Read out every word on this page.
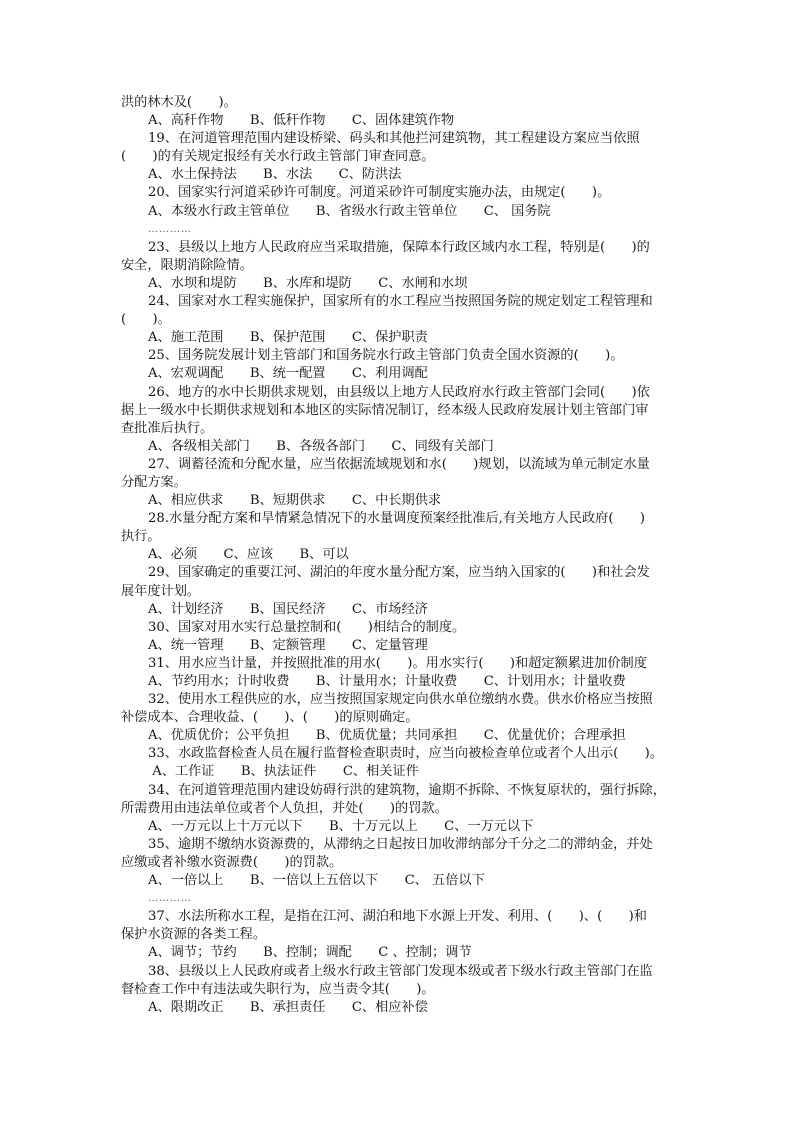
洪的林木及(　　)。
A、高秆作物　　B、低秆作物　　C、固体建筑作物
19、在河道管理范围内建设桥梁、码头和其他拦河建筑物，其工程建设方案应当依照
(　　)的有关规定报经有关水行政主管部门审查同意。
A、水土保持法　　B、水法　　C、防洪法
20、国家实行河道采砂许可制度。河道采砂许可制度实施办法，由规定(　　)。
A、本级水行政主管单位　　B、省级水行政主管单位　　C、 国务院
…………
23、县级以上地方人民政府应当采取措施，保障本行政区域内水工程，特别是(　　)的
安全，限期消除险情。
A、水坝和堤防　　B、水库和堤防　　C、水闸和水坝
24、国家对水工程实施保护，国家所有的水工程应当按照国务院的规定划定工程管理和
(　　)。
A、施工范围　　B、保护范围　　C、保护职责
25、国务院发展计划主管部门和国务院水行政主管部门负责全国水资源的(　　)。
A、宏观调配　　B、统一配置　　C、利用调配
26、地方的水中长期供求规划，由县级以上地方人民政府水行政主管部门会同(　　)依
据上一级水中长期供求规划和本地区的实际情况制订，经本级人民政府发展计划主管部门审
查批准后执行。
A、各级相关部门　　B、各级各部门　　C、同级有关部门
27、调蓄径流和分配水量，应当依据流域规划和水(　　)规划，以流域为单元制定水量
分配方案。
A、相应供求　　B、短期供求　　C、中长期供求
28.水量分配方案和旱情紧急情况下的水量调度预案经批准后,有关地方人民政府(　　)
执行。
A、必须　　C、应该　　B、可以
29、国家确定的重要江河、湖泊的年度水量分配方案，应当纳入国家的(　　)和社会发
展年度计划。
A、计划经济　　B、国民经济　　C、市场经济
30、国家对用水实行总量控制和(　　)相结合的制度。
A、统一管理　　B、定额管理　　C、定量管理
31、用水应当计量，并按照批准的用水(　　)。用水实行(　　)和超定额累进加价制度
A、节约用水；计时收费　　B、计量用水；计量收费　　C、计划用水；计量收费
32、使用水工程供应的水，应当按照国家规定向供水单位缴纳水费。供水价格应当按照
补偿成本、合理收益、(　　)、(　　)的原则确定。
A、优质优价；公平负担　　B、优质优量；共同承担　　C、优量优价；合理承担
33、水政监督检查人员在履行监督检查职责时，应当向被检查单位或者个人出示(　　)。
A、工作证　　B、执法证件　　C、相关证件
34、在河道管理范围内建设妨碍行洪的建筑物，逾期不拆除、不恢复原状的，强行拆除，
所需费用由违法单位或者个人负担，并处(　　)的罚款。
A、一万元以上十万元以下　　B、十万元以上　　C、一万元以下
35、逾期不缴纳水资源费的，从滞纳之日起按日加收滞纳部分千分之二的滞纳金，并处
应缴或者补缴水资源费(　　)的罚款。
A、一倍以上　　B、一倍以上五倍以下　　C、 五倍以下
…………
37、水法所称水工程，是指在江河、湖泊和地下水源上开发、利用、(　　)、(　　)和
保护水资源的各类工程。
A、调节；节约　　B、控制；调配　　C 、控制；调节
38、县级以上人民政府或者上级水行政主管部门发现本级或者下级水行政主管部门在监
督检查工作中有违法或失职行为，应当责令其(　　)。
A、限期改正　　B、承担责任　　C、相应补偿
